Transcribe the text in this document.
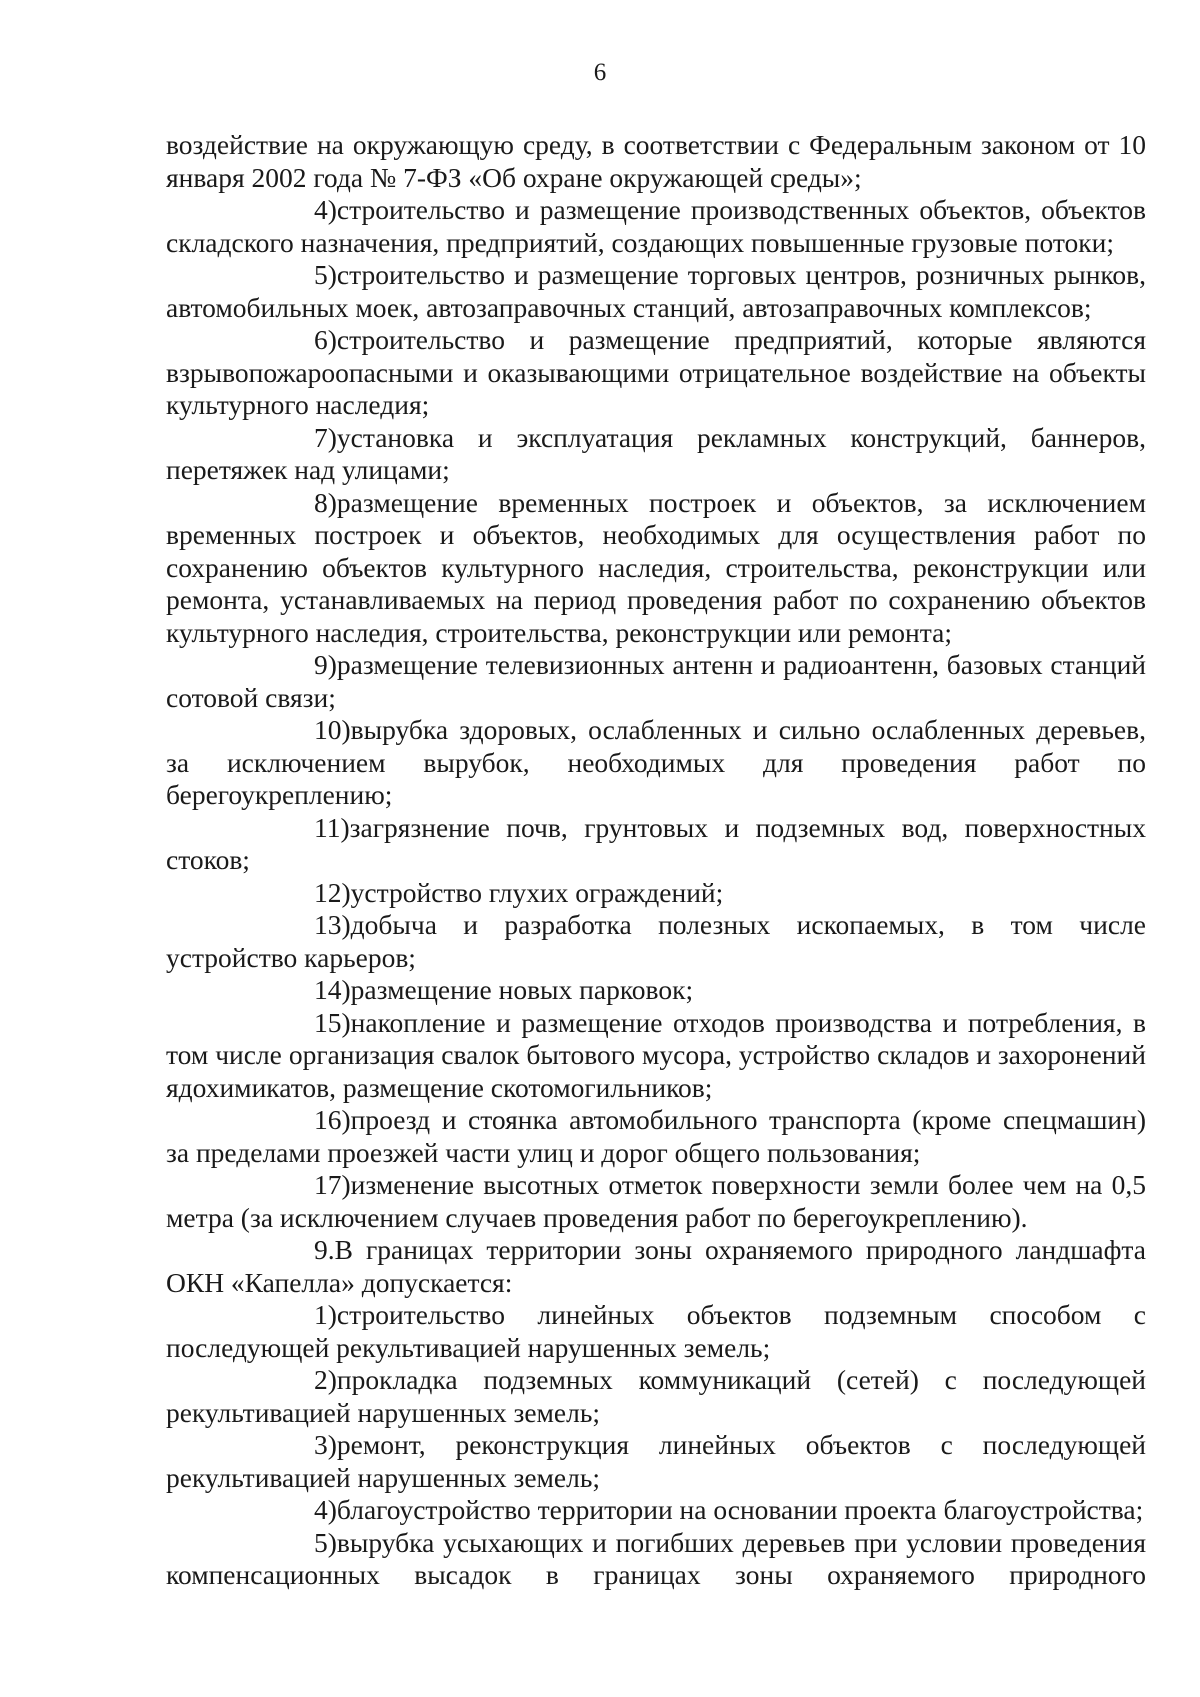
6

воздействие на окружающую среду, в соответствии с Федеральным законом от 10 января 2002 года № 7-ФЗ «Об охране окружающей среды»;

4)строительство и размещение производственных объектов, объектов складского назначения, предприятий, создающих повышенные грузовые потоки;

5)строительство и размещение торговых центров, розничных рынков, автомобильных моек, автозаправочных станций, автозаправочных комплексов;

6)строительство и размещение предприятий, которые являются взрывопожароопасными и оказывающими отрицательное воздействие на объекты культурного наследия;

7)установка и эксплуатация рекламных конструкций, баннеров, перетяжек над улицами;

8)размещение временных построек и объектов, за исключением временных построек и объектов, необходимых для осуществления работ по сохранению объектов культурного наследия, строительства, реконструкции или ремонта, устанавливаемых на период проведения работ по сохранению объектов культурного наследия, строительства, реконструкции или ремонта;

9)размещение телевизионных антенн и радиоантенн, базовых станций сотовой связи;

10)вырубка здоровых, ослабленных и сильно ослабленных деревьев, за исключением вырубок, необходимых для проведения работ по берегоукреплению;

11)загрязнение почв, грунтовых и подземных вод, поверхностных стоков;

12)устройство глухих ограждений;

13)добыча и разработка полезных ископаемых, в том числе устройство карьеров;

14)размещение новых парковок;

15)накопление и размещение отходов производства и потребления, в том числе организация свалок бытового мусора, устройство складов и захоронений ядохимикатов, размещение скотомогильников;

16)проезд и стоянка автомобильного транспорта (кроме спецмашин) за пределами проезжей части улиц и дорог общего пользования;

17)изменение высотных отметок поверхности земли более чем на 0,5 метра (за исключением случаев проведения работ по берегоукреплению).

9.В границах территории зоны охраняемого природного ландшафта ОКН «Капелла» допускается:

1)строительство линейных объектов подземным способом с последующей рекультивацией нарушенных земель;

2)прокладка подземных коммуникаций (сетей) с последующей рекультивацией нарушенных земель;

3)ремонт, реконструкция линейных объектов с последующей рекультивацией нарушенных земель;

4)благоустройство территории на основании проекта благоустройства;

5)вырубка усыхающих и погибших деревьев при условии проведения компенсационных высадок в границах зоны охраняемого природного
